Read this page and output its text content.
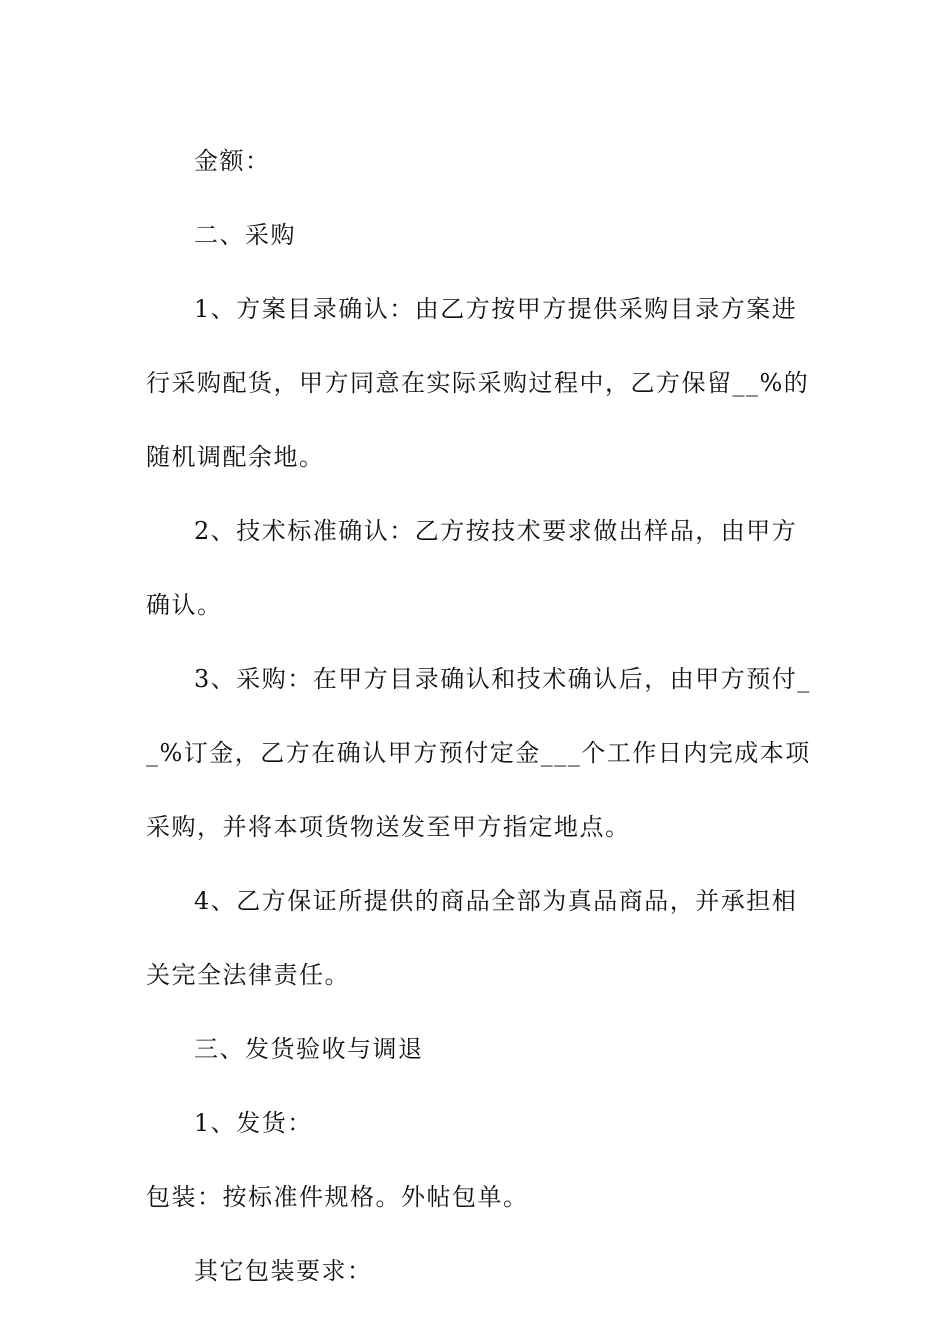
金额：

二、采购

1、方案目录确认：由乙方按甲方提供采购目录方案进行采购配货，甲方同意在实际采购过程中，乙方保留__%的随机调配余地。

2、技术标准确认：乙方按技术要求做出样品，由甲方确认。

3、采购：在甲方目录确认和技术确认后，由甲方预付__%订金，乙方在确认甲方预付定金___个工作日内完成本项采购，并将本项货物送发至甲方指定地点。

4、乙方保证所提供的商品全部为真品商品，并承担相关完全法律责任。

三、发货验收与调退

1、发货：

包装：按标准件规格。外帖包单。

其它包装要求：
